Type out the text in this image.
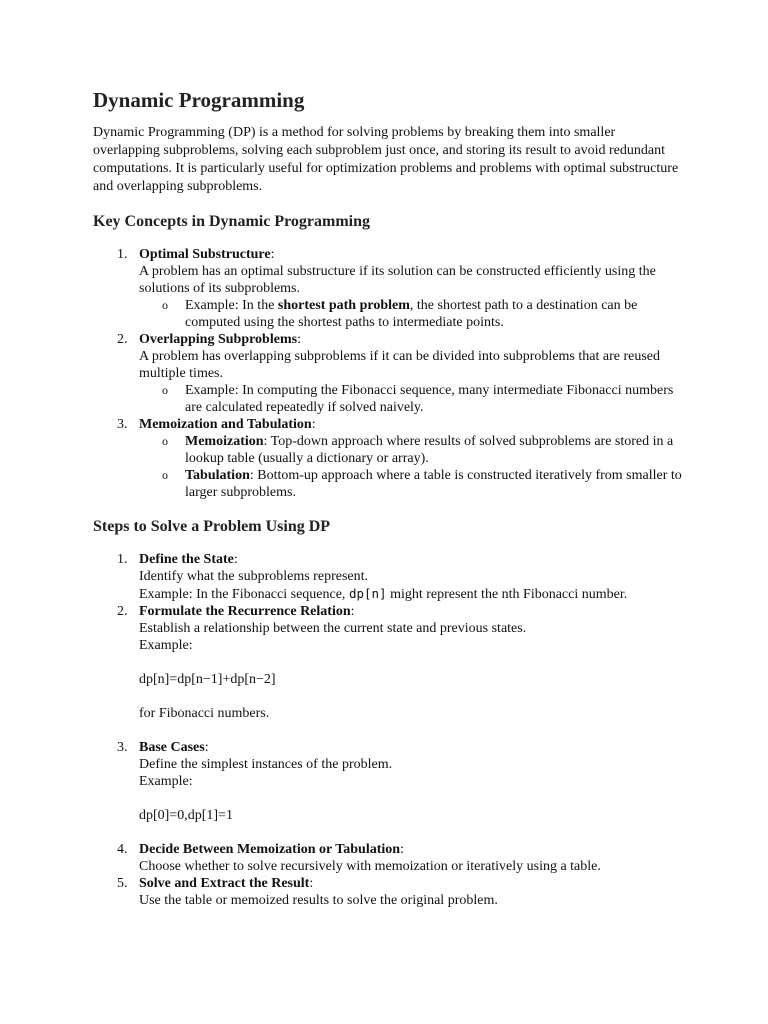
Dynamic Programming

Dynamic Programming (DP) is a method for solving problems by breaking them into smaller overlapping subproblems, solving each subproblem just once, and storing its result to avoid redundant computations. It is particularly useful for optimization problems and problems with optimal substructure and overlapping subproblems.

Key Concepts in Dynamic Programming
1. Optimal Substructure:
A problem has an optimal substructure if its solution can be constructed efficiently using the solutions of its subproblems.
o Example: In the shortest path problem, the shortest path to a destination can be computed using the shortest paths to intermediate points.
2. Overlapping Subproblems:
A problem has overlapping subproblems if it can be divided into subproblems that are reused multiple times.
o Example: In computing the Fibonacci sequence, many intermediate Fibonacci numbers are calculated repeatedly if solved naively.
3. Memoization and Tabulation:
o Memoization: Top-down approach where results of solved subproblems are stored in a lookup table (usually a dictionary or array).
o Tabulation: Bottom-up approach where a table is constructed iteratively from smaller to larger subproblems.
Steps to Solve a Problem Using DP
1. Define the State:
Identify what the subproblems represent.
Example: In the Fibonacci sequence, dp[n] might represent the nth Fibonacci number.
2. Formulate the Recurrence Relation:
Establish a relationship between the current state and previous states.
Example:
dp[n]=dp[n−1]+dp[n−2]
for Fibonacci numbers.
3. Base Cases:
Define the simplest instances of the problem.
Example:
dp[0]=0,dp[1]=1
4. Decide Between Memoization or Tabulation:
Choose whether to solve recursively with memoization or iteratively using a table.
5. Solve and Extract the Result:
Use the table or memoized results to solve the original problem.
